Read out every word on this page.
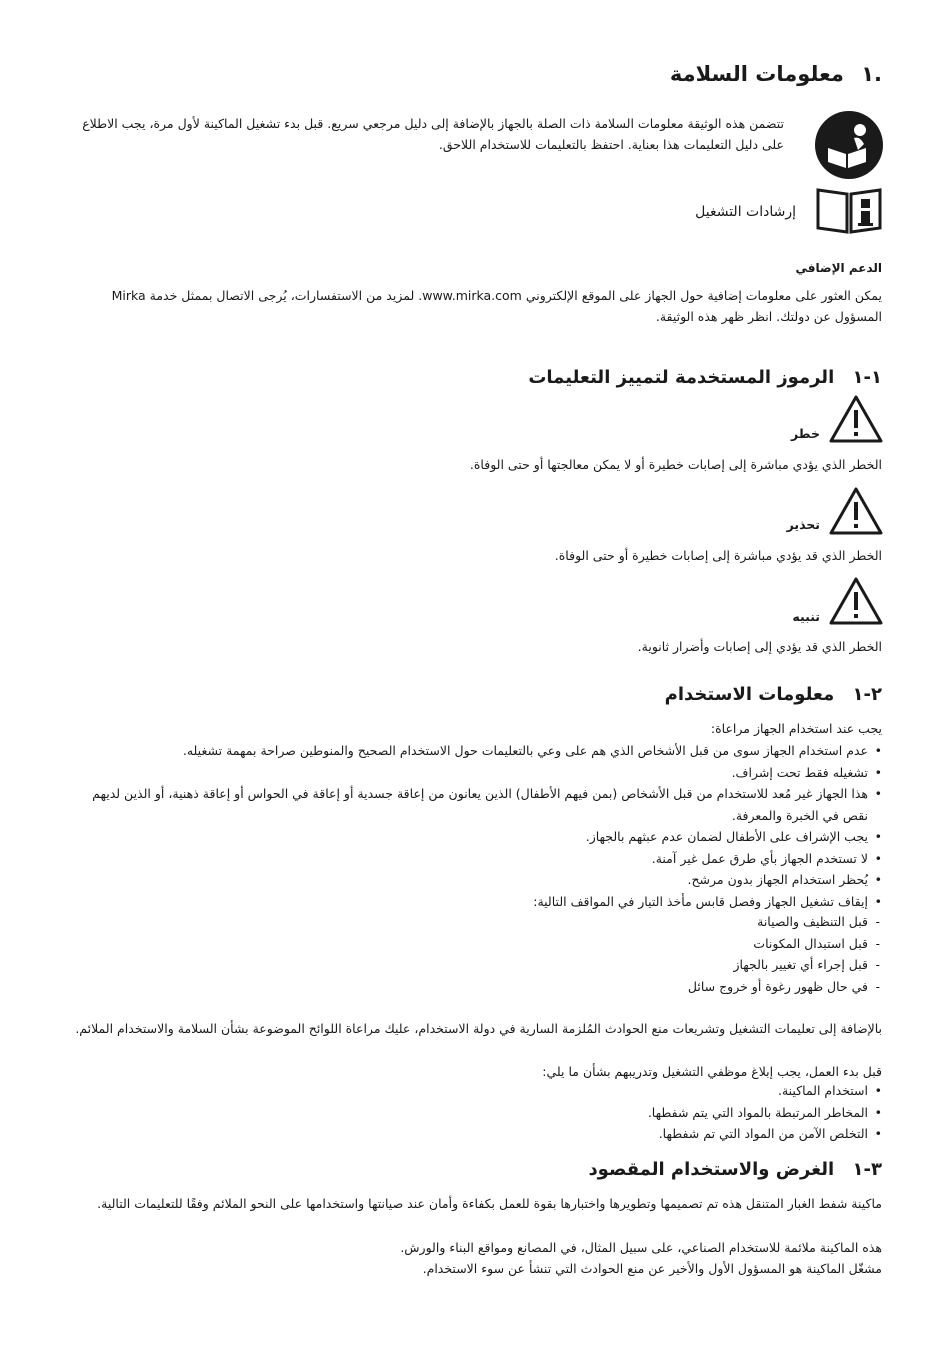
.١ معلومات السلامة
تتضمن هذه الوثيقة معلومات السلامة ذات الصلة بالجهاز بالإضافة إلى دليل مرجعي سريع. قبل بدء تشغيل الماكينة لأول مرة، يجب الاطلاع
على دليل التعليمات هذا بعناية. احتفظ بالتعليمات للاستخدام اللاحق.
إرشادات التشغيل
الدعم الإضافي
يمكن العثور على معلومات إضافية حول الجهاز على الموقع الإلكتروني www.mirka.com. لمزيد من الاستفسارات، يُرجى الاتصال بممثل خدمة Mirka
المسؤول عن دولتك. انظر ظهر هذه الوثيقة.
١-١ الرموز المستخدمة لتمييز التعليمات
خطر
الخطر الذي يؤدي مباشرة إلى إصابات خطيرة أو لا يمكن معالجتها أو حتى الوفاة.
تحذير
الخطر الذي قد يؤدي مباشرة إلى إصابات خطيرة أو حتى الوفاة.
تنبيه
الخطر الذي قد يؤدي إلى إصابات وأضرار ثانوية.
٢-١ معلومات الاستخدام
يجب عند استخدام الجهاز مراعاة:
• عدم استخدام الجهاز سوى من قبل الأشخاص الذي هم على وعي بالتعليمات حول الاستخدام الصحيح والمنوطين صراحة بمهمة تشغيله.
• تشغيله فقط تحت إشراف.
• هذا الجهاز غير مُعد للاستخدام من قبل الأشخاص (بمن فيهم الأطفال) الذين يعانون من إعاقة جسدية أو إعاقة في الحواس أو إعاقة ذهنية، أو الذين لديهم نقص في الخبرة والمعرفة.
• يجب الإشراف على الأطفال لضمان عدم عبثهم بالجهاز.
• لا تستخدم الجهاز بأي طرق عمل غير آمنة.
• يُحظر استخدام الجهاز بدون مرشح.
• إيقاف تشغيل الجهاز وفصل قابس مأخذ التيار في المواقف التالية:
- قبل التنظيف والصيانة
- قبل استبدال المكونات
- قبل إجراء أي تغيير بالجهاز
- في حال ظهور رغوة أو خروج سائل
بالإضافة إلى تعليمات التشغيل وتشريعات منع الحوادث المُلزمة السارية في دولة الاستخدام، عليك مراعاة اللوائح الموضوعة بشأن السلامة والاستخدام الملائم.
قبل بدء العمل، يجب إبلاغ موظفي التشغيل وتدريبهم بشأن ما يلي:
• استخدام الماكينة.
• المخاطر المرتبطة بالمواد التي يتم شفطها.
• التخلص الآمن من المواد التي تم شفطها.
٣-١ الغرض والاستخدام المقصود
ماكينة شفط الغبار المتنقل هذه تم تصميمها وتطويرها واختبارها بقوة للعمل بكفاءة وأمان عند صيانتها واستخدامها على النحو الملائم وفقًا للتعليمات التالية.
هذه الماكينة ملائمة للاستخدام الصناعي، على سبيل المثال، في المصانع ومواقع البناء والورش.
مشغّل الماكينة هو المسؤول الأول والأخير عن منع الحوادث التي تنشأ عن سوء الاستخدام.
